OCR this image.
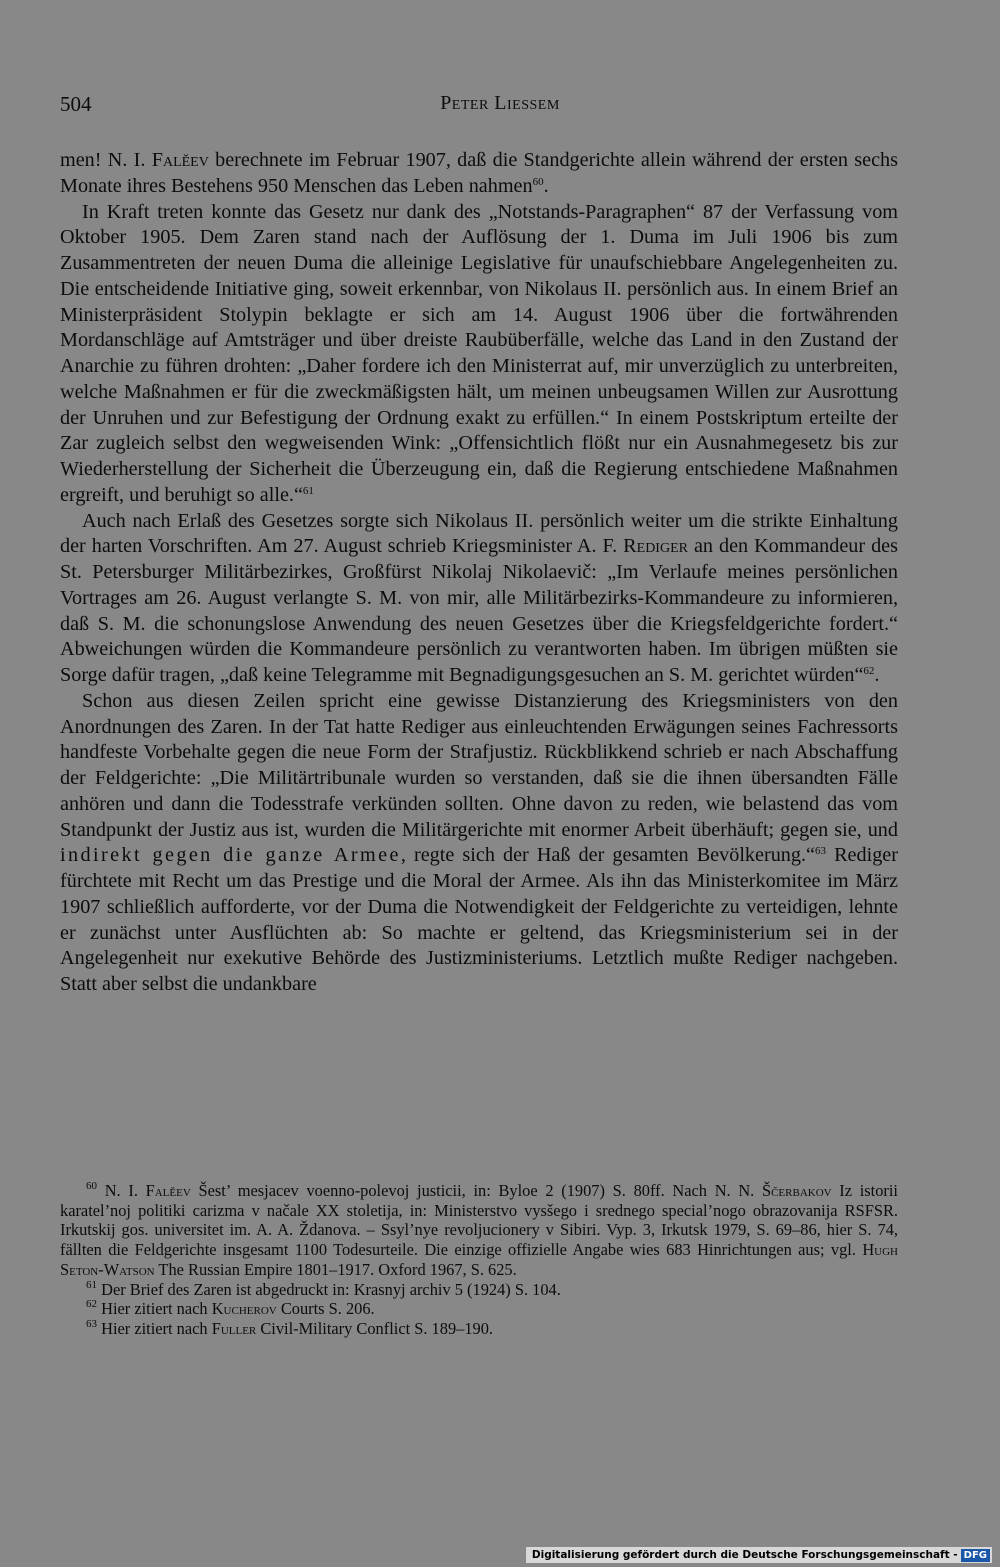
504	Peter Liessem

men! N. I. Falěev berechnete im Februar 1907, daß die Standgerichte allein während der ersten sechs Monate ihres Bestehens 950 Menschen das Leben nahmen$^{60}$.

In Kraft treten konnte das Gesetz nur dank des „Notstands-Paragraphen“ 87 der Verfassung vom Oktober 1905. Dem Zaren stand nach der Auflösung der 1. Duma im Juli 1906 bis zum Zusammentreten der neuen Duma die alleinige Legislative für unaufschiebbare Angelegenheiten zu. Die entscheidende Initiative ging, soweit erkennbar, von Nikolaus II. persönlich aus. In einem Brief an Ministerpräsident Stolypin beklagte er sich am 14. August 1906 über die fortwährenden Mordanschläge auf Amtsträger und über dreiste Raubüberfälle, welche das Land in den Zustand der Anarchie zu führen drohten: „Daher fordere ich den Ministerrat auf, mir unverzüglich zu unterbreiten, welche Maßnahmen er für die zweckmäßigsten hält, um meinen unbeugsamen Willen zur Ausrottung der Unruhen und zur Befestigung der Ordnung exakt zu erfüllen.“ In einem Postskriptum erteilte der Zar zugleich selbst den wegweisenden Wink: „Offensichtlich flößt nur ein Ausnahmegesetz bis zur Wiederherstellung der Sicherheit die Überzeugung ein, daß die Regierung entschiedene Maßnahmen ergreift, und beruhigt so alle.“$^{61}$

Auch nach Erlaß des Gesetzes sorgte sich Nikolaus II. persönlich weiter um die strikte Einhaltung der harten Vorschriften. Am 27. August schrieb Kriegsminister A. F. Rediger an den Kommandeur des St. Petersburger Militärbezirkes, Großfürst Nikolaj Nikolaevič: „Im Verlaufe meines persönlichen Vortrages am 26. August verlangte S. M. von mir, alle Militärbezirks-Kommandeure zu informieren, daß S. M. die schonungslose Anwendung des neuen Gesetzes über die Kriegsfeldgerichte fordert.“ Abweichungen würden die Kommandeure persönlich zu verantworten haben. Im übrigen müßten sie Sorge dafür tragen, „daß keine Telegramme mit Begnadigungsgesuchen an S. M. gerichtet würden“$^{62}$.

Schon aus diesen Zeilen spricht eine gewisse Distanzierung des Kriegsministers von den Anordnungen des Zaren. In der Tat hatte Rediger aus einleuchtenden Erwägungen seines Fachressorts handfeste Vorbehalte gegen die neue Form der Strafjustiz. Rückblikkend schrieb er nach Abschaffung der Feldgerichte: „Die Militärtribunale wurden so verstanden, daß sie die ihnen übersandten Fälle anhören und dann die Todesstrafe verkünden sollten. Ohne davon zu reden, wie belastend das vom Standpunkt der Justiz aus ist, wurden die Militärgerichte mit enormer Arbeit überhäuft; gegen sie, und indirekt gegen die ganze Armee, regte sich der Haß der gesamten Bevölkerung.“$^{63}$ Rediger fürchtete mit Recht um das Prestige und die Moral der Armee. Als ihn das Ministerkomitee im März 1907 schließlich aufforderte, vor der Duma die Notwendigkeit der Feldgerichte zu verteidigen, lehnte er zunächst unter Ausflüchten ab: So machte er geltend, das Kriegsministerium sei in der Angelegenheit nur exekutive Behörde des Justizministeriums. Letztlich mußte Rediger nachgeben. Statt aber selbst die undankbare

$^{60}$ N. I. Falěev Šest’ mesjacev voenno-polevoj justicii, in: Byloe 2 (1907) S. 80ff. Nach N. N. Ščerbakov Iz istorii karatel’noj politiki carizma v načale XX stoletija, in: Ministerstvo vysšego i srednego special’nogo obrazovanija RSFSR. Irkutskij gos. universitet im. A. A. Ždanova. – Ssyl’nye revoljucionery v Sibiri. Vyp. 3, Irkutsk 1979, S. 69–86, hier S. 74, fällten die Feldgerichte insgesamt 1100 Todesurteile. Die einzige offizielle Angabe wies 683 Hinrichtungen aus; vgl. Hugh Seton-Watson The Russian Empire 1801–1917. Oxford 1967, S. 625.

$^{61}$ Der Brief des Zaren ist abgedruckt in: Krasnyj archiv 5 (1924) S. 104.

$^{62}$ Hier zitiert nach Kucherov Courts S. 206.

$^{63}$ Hier zitiert nach Fuller Civil-Military Conflict S. 189–190.

Digitalisierung gefördert durch die Deutsche Forschungsgemeinschaft - DFG
